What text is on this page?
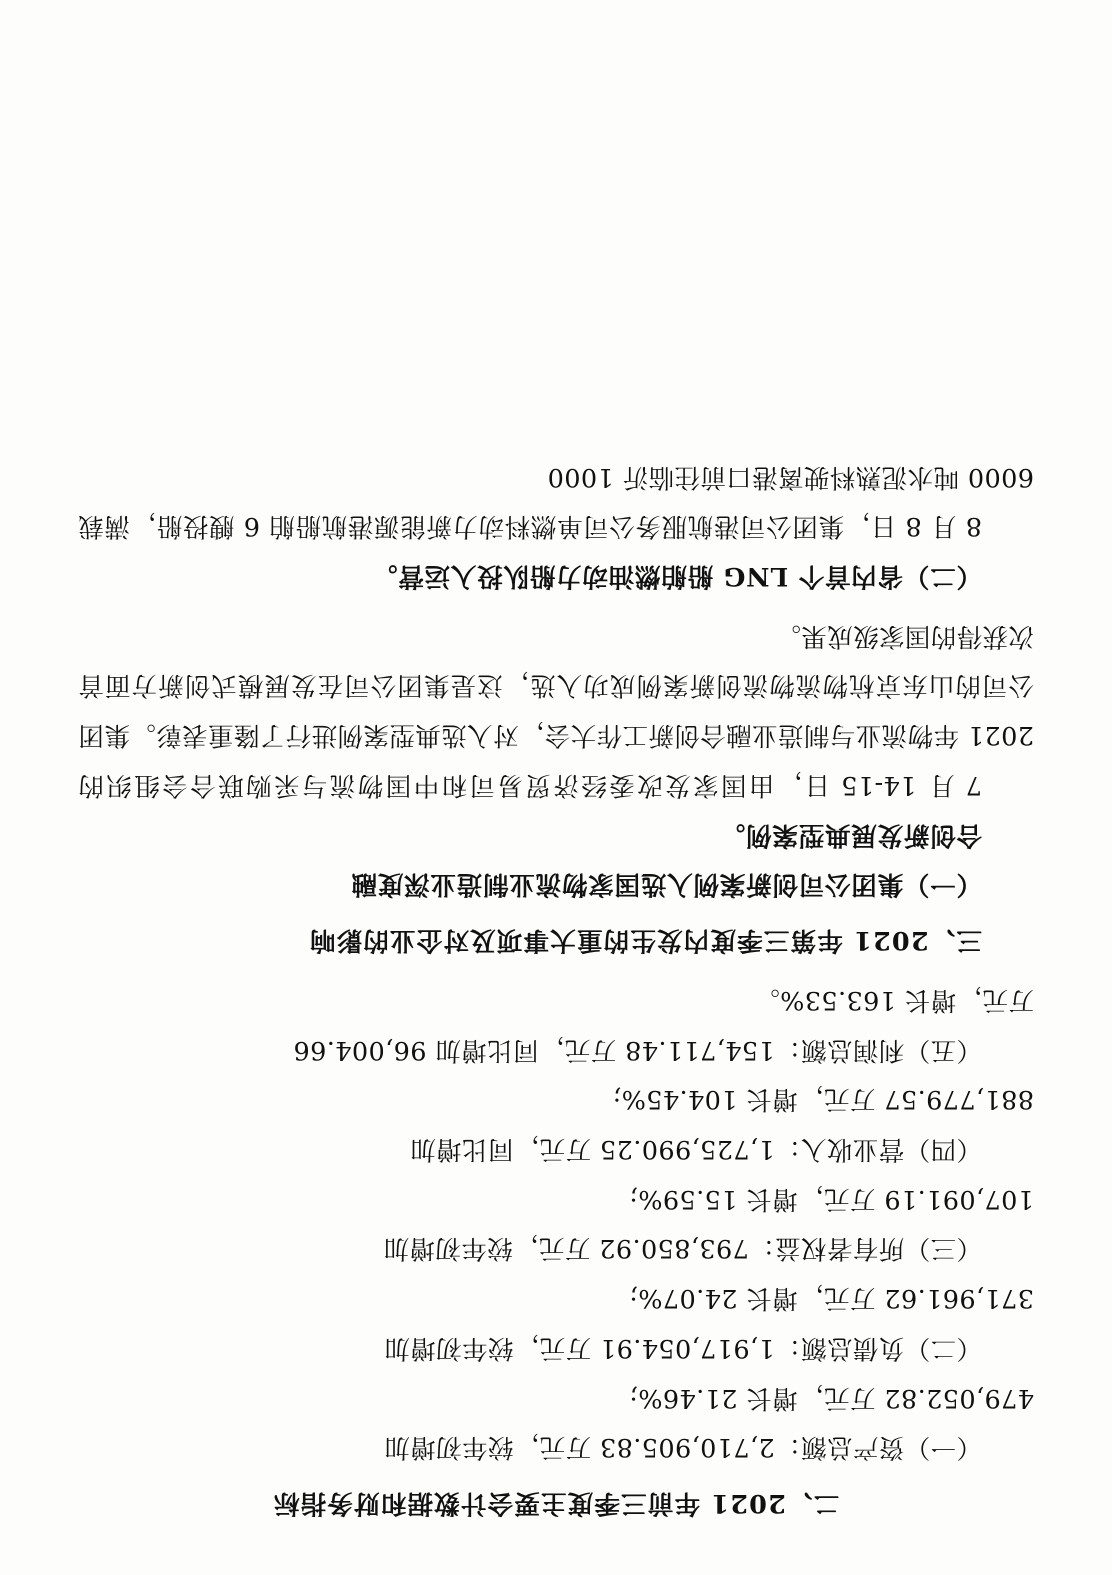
二、2021 年前三季度主要会计数据和财务指标

（一）资产总额：2,710,905.83 万元，较年初增加

479,052.82 万元，增长 21.46%;

（二）负债总额：1,917,054.91 万元，较年初增加

371,961.62 万元，增长 24.07%;

（三）所有者权益：793,850.92 万元，较年初增加

107,091.19 万元，增长 15.59%;

（四）营业收入：1,725,990.25 万元，同比增加

881,779.57 万元，增长 104.45%;

（五）利润总额：154,711.48 万元，同比增加 96,004.66

万元，增长 163.53%。

三、2021 年第三季度内发生的重大事项及对企业的影响
（一）集团公司创新案例入选国家物流业制造业深度融
合创新发展典型案例。

7 月 14-15 日，由国家发改委经济贸易司和中国物流与采购联合会组织的 2021 年物流业与制造业融合创新工作大会，对入选典型案例进行了隆重表彰。集团公司的山东京杭物流物流创新案例成功入选，这是集团公司在发展模式创新方面首次获得的国家级成果。

（二）省内首个 LNG 船舶燃油动力船队投入运营。

8 月 8 日，集团公司港航服务公司单燃料动力新能源港航船舶 6 艘投船，满载 6000 吨水泥熟料驶离港口前往临沂 1000
